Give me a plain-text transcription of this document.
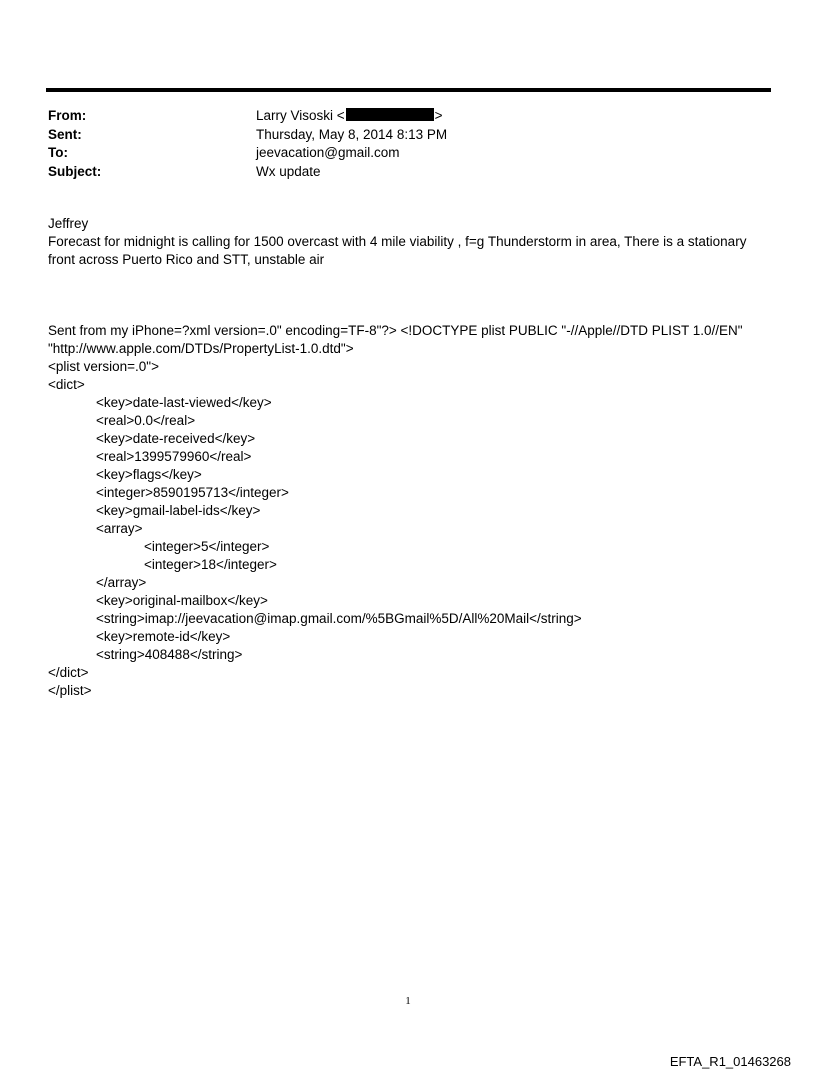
From:	Larry Visoski <	>
Sent:	Thursday, May 8, 2014 8:13 PM
To:	jeevacation@gmail.com
Subject:	Wx update
Jeffrey
Forecast for midnight is calling for 1500 overcast with 4 mile viability , f=g Thunderstorm in area, There is a stationary front across Puerto Rico and STT, unstable air
Sent from my iPhone=?xml version=.0" encoding=TF-8"?> <!DOCTYPE plist PUBLIC "-//Apple//DTD PLIST 1.0//EN"
"http://www.apple.com/DTDs/PropertyList-1.0.dtd">
<plist version=.0">
<dict>
<key>date-last-viewed</key>
<real>0.0</real>
<key>date-received</key>
<real>1399579960</real>
<key>flags</key>
<integer>8590195713</integer>
<key>gmail-label-ids</key>
<array>
<integer>5</integer>
<integer>18</integer>
</array>
<key>original-mailbox</key>
<string>imap://jeevacation@imap.gmail.com/%5BGmail%5D/All%20Mail</string>
<key>remote-id</key>
<string>408488</string>
</dict>
</plist>
1
EFTA_R1_01463268
